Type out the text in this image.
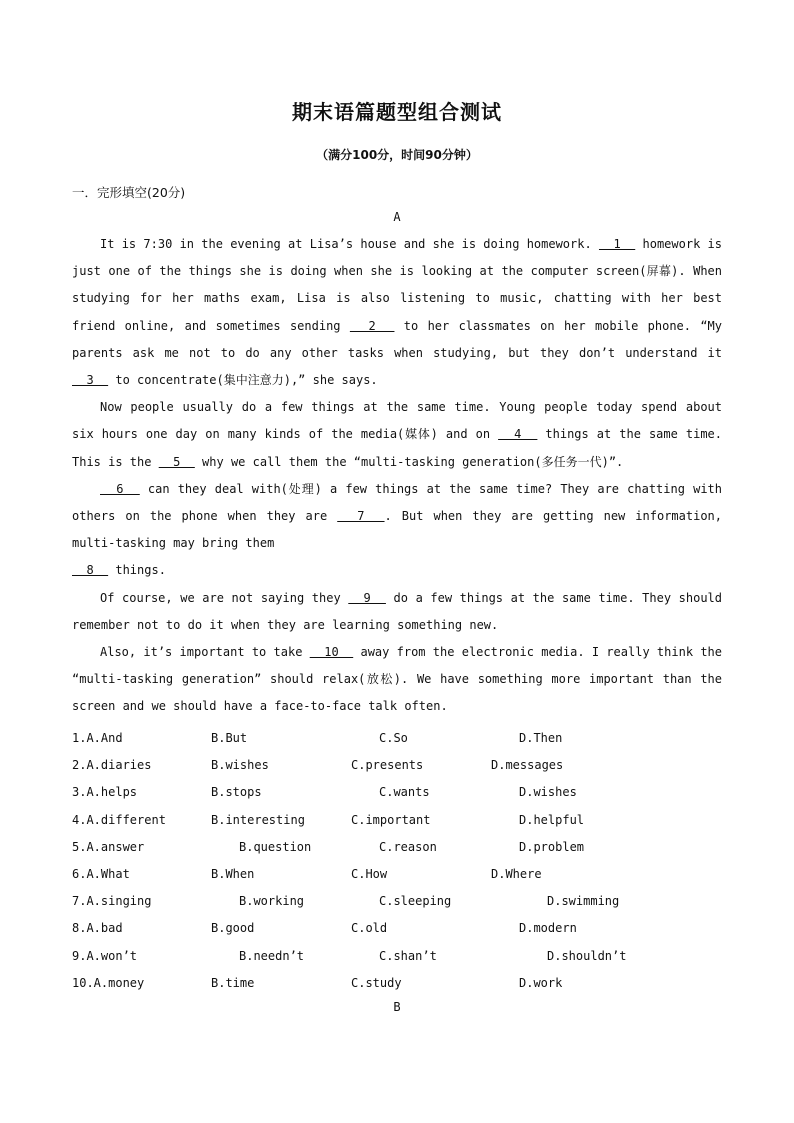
期末语篇题型组合测试
（满分100分，时间90分钟）
一．完形填空(20分)
A

It is 7:30 in the evening at Lisa’s house and she is doing homework.   1   homework is just one of the things she is doing when she is looking at the computer screen(屏幕). When studying for her maths exam, Lisa is also listening to music, chatting with her best friend online, and sometimes sending   2   to her classmates on her mobile phone. “My parents ask me not to do any other tasks when studying, but they don’t understand it   3   to concentrate(集中注意力),” she says.

Now people usually do a few things at the same time. Young people today spend about six hours one day on many kinds of the media(媒体) and on   4   things at the same time. This is the   5   why we call them the “multi-tasking generation(多任务一代)”.

6   can they deal with(处理) a few things at the same time? They are chatting with others on the phone when they are   7  . But when they are getting new information, multi-tasking may bring them

8   things.

Of course, we are not saying they   9   do a few things at the same time. They should remember not to do it when they are learning something new.

Also, it’s important to take   10   away from the electronic media. I really think the “multi-tasking generation” should relax(放松). We have something more important than the screen and we should have a face-to-face talk often.

1.A.And	B.But	C.So	D.Then
2.A.diaries	B.wishes	C.presents	D.messages
3.A.helps	B.stops	C.wants	D.wishes
4.A.different	B.interesting	C.important	D.helpful
5.A.answer	B.question	C.reason	D.problem
6.A.What	B.When	C.How	D.Where
7.A.singing	B.working	C.sleeping	D.swimming
8.A.bad	B.good	C.old	D.modern
9.A.won’t	B.needn’t	C.shan’t	D.shouldn’t
10.A.money	B.time	C.study	D.work
B
